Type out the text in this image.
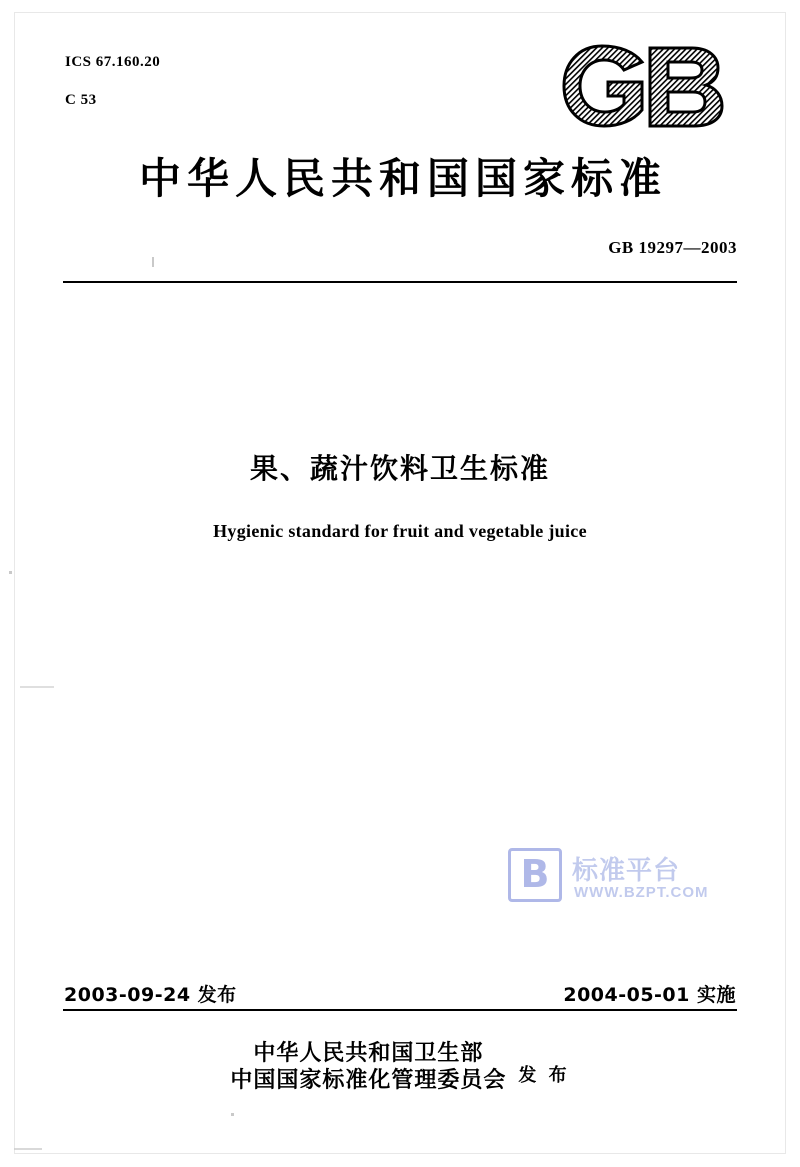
ICS 67.160.20

C 53

中华人民共和国国家标准
GB 19297—2003
果、蔬汁饮料卫生标准
Hygienic standard for fruit and vegetable juice
B 标准平台
WWW.BZPT.COM
2003-09-24 发布	2004-05-01 实施
中华人民共和国卫生部
中国国家标准化管理委员会 发 布
